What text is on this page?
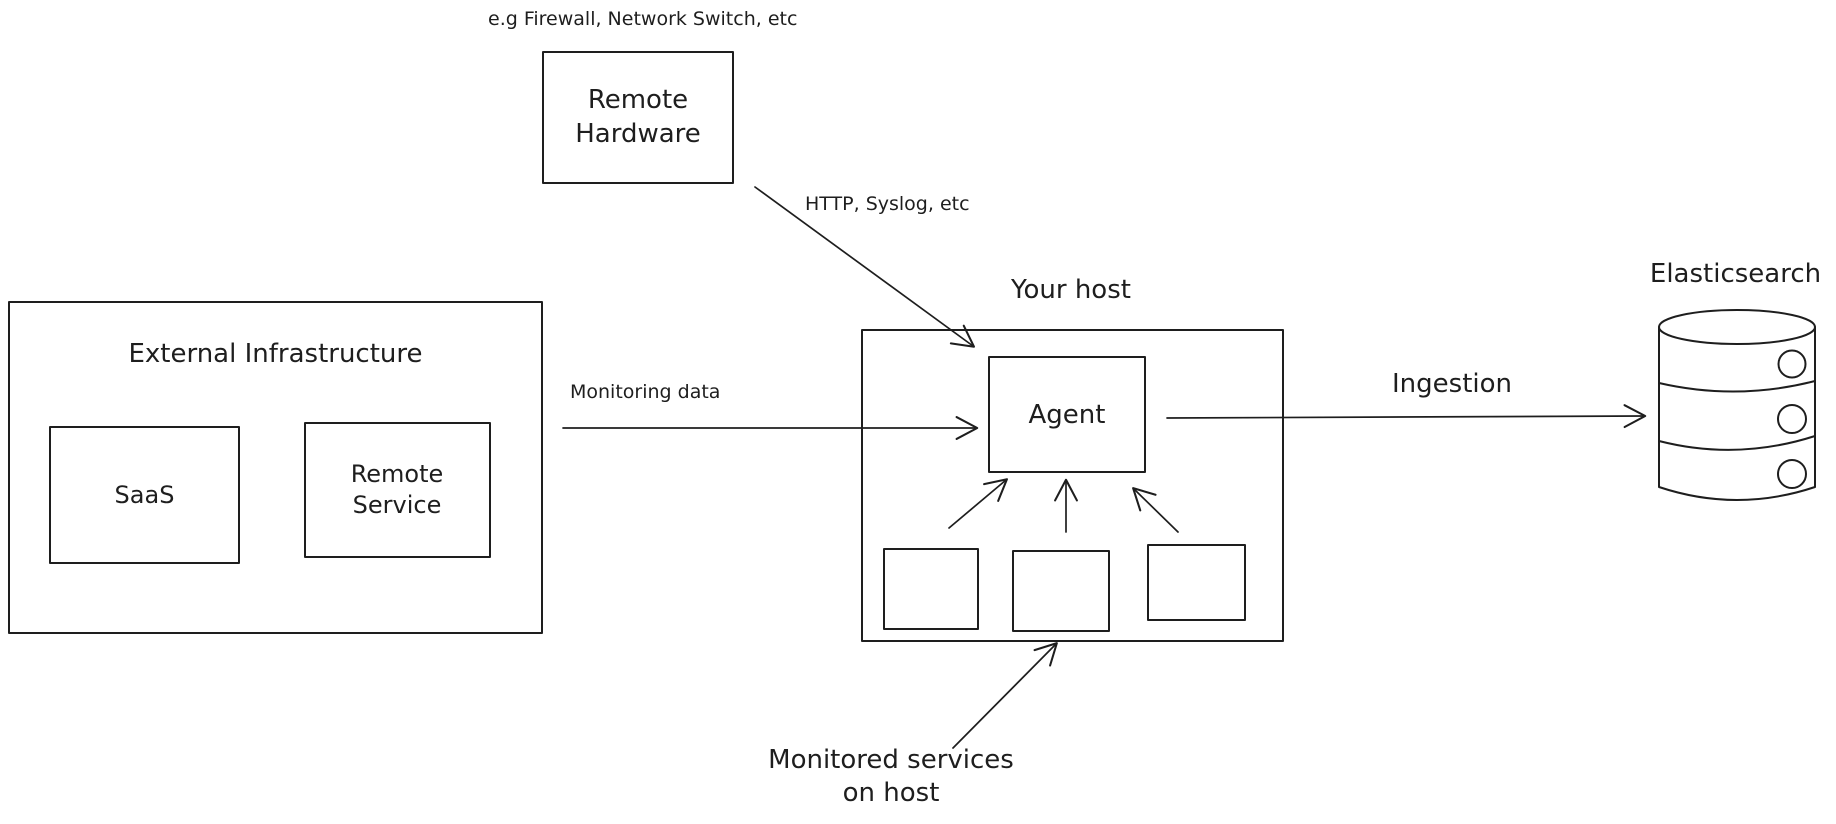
e.g Firewall, Network Switch, etc
Remote Hardware
HTTP, Syslog, etc
External Infrastructure
SaaS
Remote Service
Monitoring data
Your host
Agent
Ingestion
Elasticsearch
Monitored services on host
